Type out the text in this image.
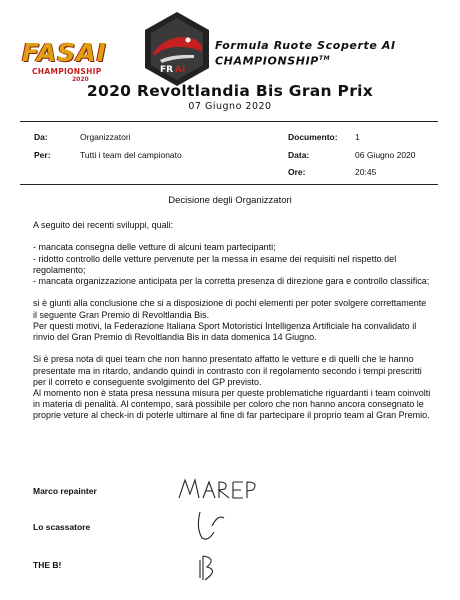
FASAI
CHAMPIONSHIP
2020
FR AI
Formula Ruote Scoperte AI
CHAMPIONSHIP™
2020 Revoltlandia Bis Gran Prix
07 Giugno 2020
Da:	Organizzatori
Per:	Tutti i team del campionato
Documento: 1
Data:	06 Giugno 2020
Ore:	20:45
Decisione degli Organizzatori

A seguito dei recenti sviluppi, quali:

- mancata consegna delle vetture di alcuni team partecipanti;
- ridotto controllo delle vetture pervenute per la messa in esame dei requisiti nel rispetto del regolamento;
- mancata organizzazione anticipata per la corretta presenza di direzione gara e controllo classifica;

si è giunti alla conclusione che si a disposizione di pochi elementi per poter svolgere correttamente il seguente Gran Premio di Revoltlandia Bis.
Per questi motivi, la Federazione Italiana Sport Motoristici Intelligenza Artificiale ha convalidato il rinvio del Gran Premio di Revoltlandia Bis in data domenica 14 Giugno.

Si è presa nota di quei team che non hanno presentato affatto le vetture e di quelli che le hanno presentate ma in ritardo, andando quindi in contrasto con il regolamento secondo i tempi prescritti per il correto e conseguente svolgimento del GP previsto.
Al momento non è stata presa nessuna misura per queste problematiche riguardanti i team coinvolti in materia di penalità. Al contempo, sarà possibile per coloro che non hanno ancora consegnato le proprie veture al check-in di poterle ultimare al fine di far partecipare il proprio team al Gran Premio.

Marco repainter
Lo scassatore
THE B!
